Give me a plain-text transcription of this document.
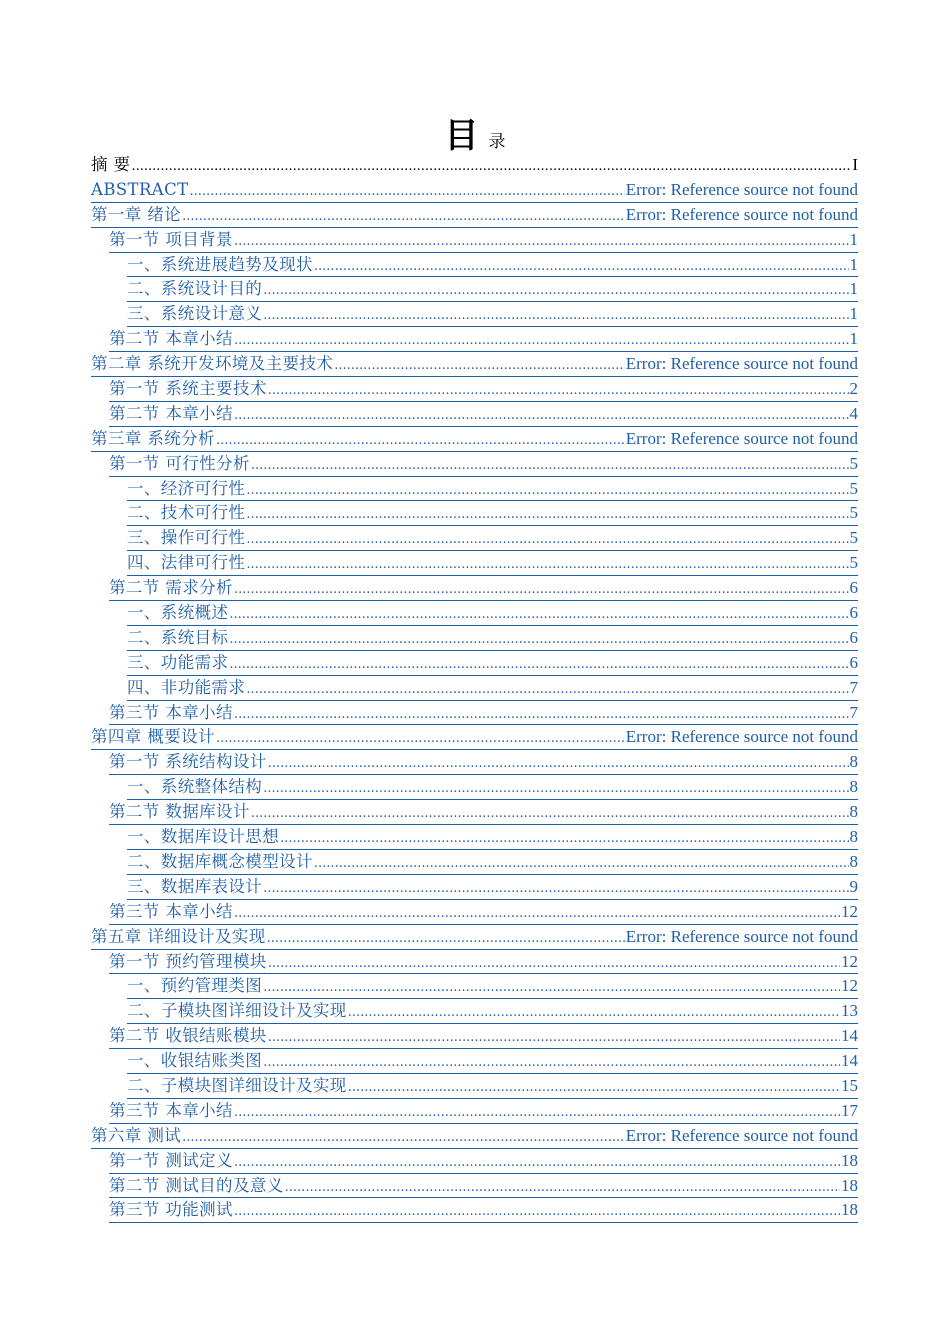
目录
摘 要 .....	I
ABSTRACT .....	Error: Reference source not found
第一章 绪论 .....	Error: Reference source not found
第一节 项目背景 .....	1
一、系统进展趋势及现状 .....	1
二、系统设计目的 .....	1
三、系统设计意义 .....	1
第二节 本章小结 .....	1
第二章 系统开发环境及主要技术 .....	Error: Reference source not found
第一节 系统主要技术 .....	2
第二节 本章小结 .....	4
第三章 系统分析 .....	Error: Reference source not found
第一节 可行性分析 .....	5
一、经济可行性 .....	5
二、技术可行性 .....	5
三、操作可行性 .....	5
四、法律可行性 .....	5
第二节 需求分析 .....	6
一、系统概述 .....	6
二、系统目标 .....	6
三、功能需求 .....	6
四、非功能需求 .....	7
第三节 本章小结 .....	7
第四章 概要设计 .....	Error: Reference source not found
第一节 系统结构设计 .....	8
一、系统整体结构 .....	8
第二节 数据库设计 .....	8
一、数据库设计思想 .....	8
二、数据库概念模型设计 .....	8
三、数据库表设计 .....	9
第三节 本章小结 .....	12
第五章 详细设计及实现 .....	Error: Reference source not found
第一节 预约管理模块 .....	12
一、预约管理类图 .....	12
二、子模块图详细设计及实现 .....	13
第二节 收银结账模块 .....	14
一、收银结账类图 .....	14
二、子模块图详细设计及实现 .....	15
第三节 本章小结 .....	17
第六章 测试 .....	Error: Reference source not found
第一节 测试定义 .....	18
第二节 测试目的及意义 .....	18
第三节 功能测试 .....	18
